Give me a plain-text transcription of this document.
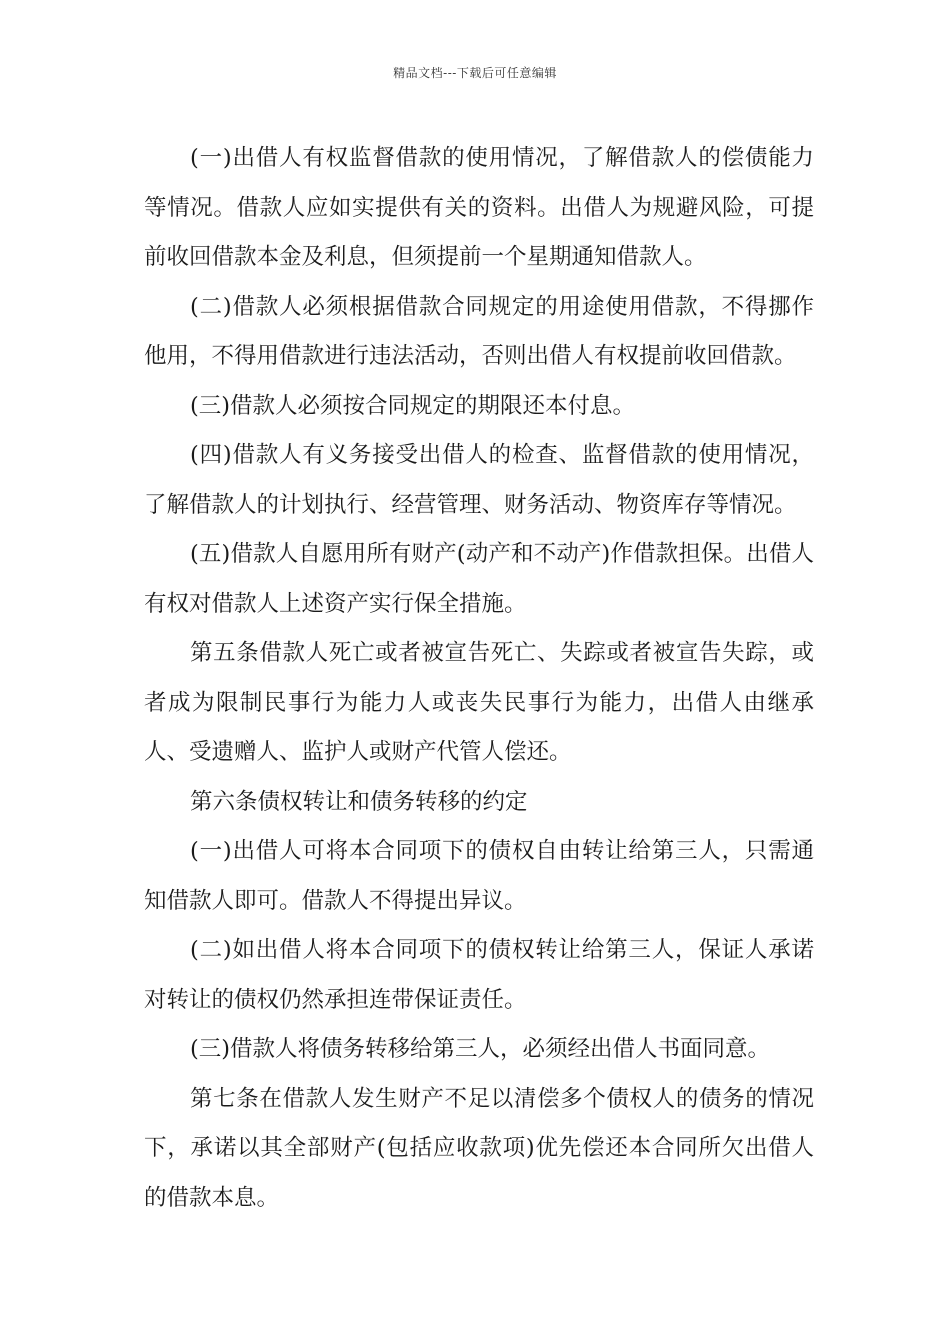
精品文档---下载后可任意编辑

(一)出借人有权监督借款的使用情况，了解借款人的偿债能力等情况。借款人应如实提供有关的资料。出借人为规避风险，可提前收回借款本金及利息，但须提前一个星期通知借款人。

(二)借款人必须根据借款合同规定的用途使用借款，不得挪作他用，不得用借款进行违法活动，否则出借人有权提前收回借款。

(三)借款人必须按合同规定的期限还本付息。

(四)借款人有义务接受出借人的检查、监督借款的使用情况，了解借款人的计划执行、经营管理、财务活动、物资库存等情况。

(五)借款人自愿用所有财产(动产和不动产)作借款担保。出借人有权对借款人上述资产实行保全措施。

第五条借款人死亡或者被宣告死亡、失踪或者被宣告失踪，或者成为限制民事行为能力人或丧失民事行为能力，出借人由继承人、受遗赠人、监护人或财产代管人偿还。

第六条债权转让和债务转移的约定

(一)出借人可将本合同项下的债权自由转让给第三人，只需通知借款人即可。借款人不得提出异议。

(二)如出借人将本合同项下的债权转让给第三人，保证人承诺对转让的债权仍然承担连带保证责任。

(三)借款人将债务转移给第三人，必须经出借人书面同意。

第七条在借款人发生财产不足以清偿多个债权人的债务的情况下，承诺以其全部财产(包括应收款项)优先偿还本合同所欠出借人的借款本息。
